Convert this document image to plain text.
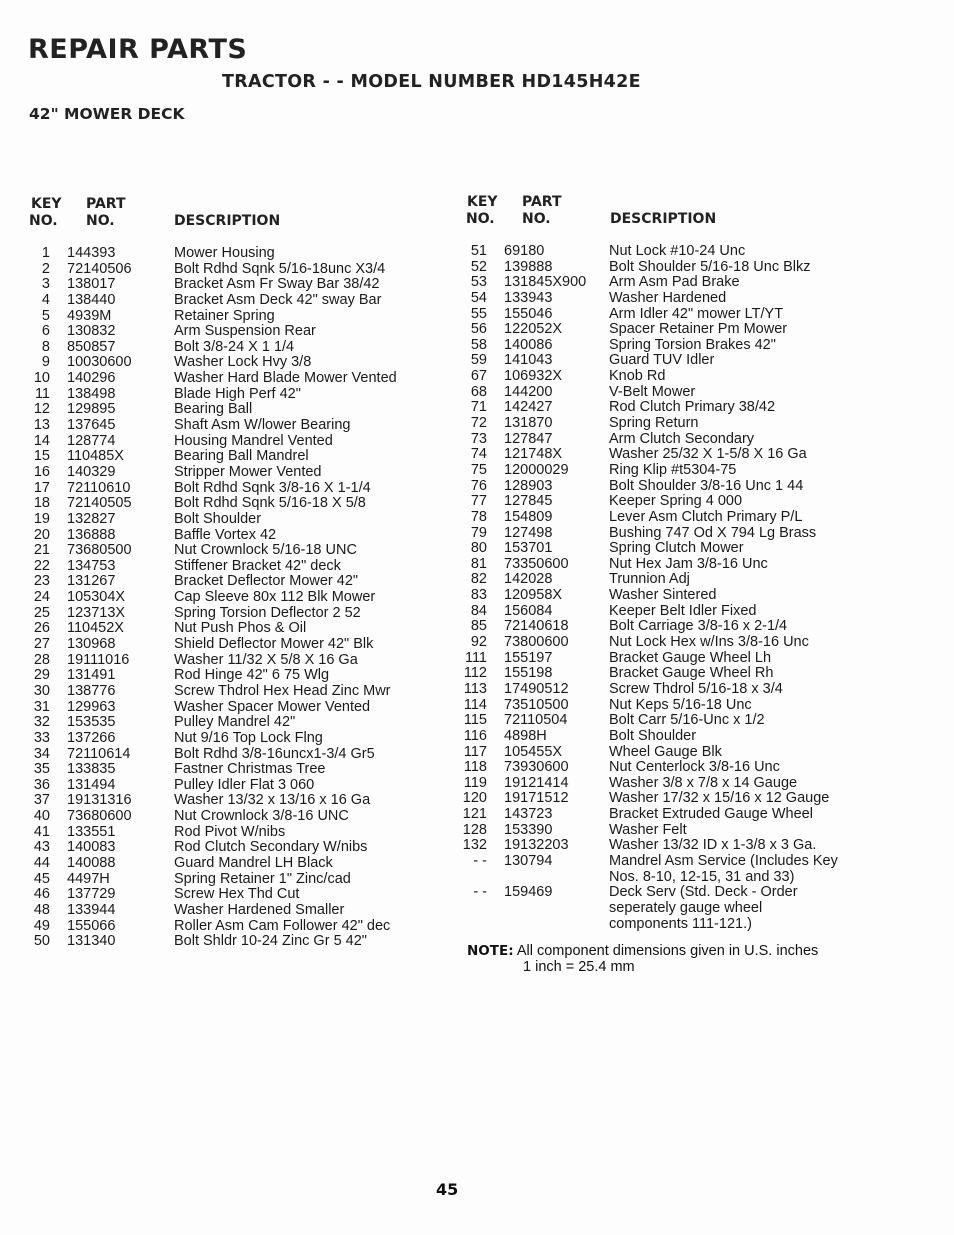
REPAIR PARTS
TRACTOR - - MODEL NUMBER HD145H42E
42" MOWER DECK
KEY
NO.
PART
NO.	DESCRIPTION
KEY
NO.
PART
NO.	DESCRIPTION
1 144393	Mower Housing
2 72140506	Bolt Rdhd Sqnk 5/16-18unc X3/4
3 138017	Bracket Asm Fr Sway Bar 38/42
4 138440	Bracket Asm Deck 42" sway Bar
5 4939M	Retainer Spring
6 130832	Arm Suspension Rear
8 850857	Bolt 3/8-24 X 1 1/4
9 10030600	Washer Lock Hvy 3/8
10 140296	Washer Hard Blade Mower Vented
11 138498	Blade High Perf 42"
12 129895	Bearing Ball
13 137645	Shaft Asm W/lower Bearing
14 128774	Housing Mandrel Vented
15 110485X	Bearing Ball Mandrel
16 140329	Stripper Mower Vented
17 72110610	Bolt Rdhd Sqnk 3/8-16 X 1-1/4
18 72140505	Bolt Rdhd Sqnk 5/16-18 X 5/8
19 132827	Bolt Shoulder
20 136888	Baffle Vortex 42
21 73680500	Nut Crownlock 5/16-18 UNC
22 134753	Stiffener Bracket 42" deck
23 131267	Bracket Deflector Mower 42"
24 105304X	Cap Sleeve 80x 112 Blk Mower
25 123713X	Spring Torsion Deflector 2 52
26 110452X	Nut Push Phos & Oil
27 130968	Shield Deflector Mower 42" Blk
28 19111016	Washer 11/32 X 5/8 X 16 Ga
29 131491	Rod Hinge 42" 6 75 Wlg
30 138776	Screw Thdrol Hex Head Zinc Mwr
31 129963	Washer Spacer Mower Vented
32 153535	Pulley Mandrel 42"
33 137266	Nut 9/16 Top Lock Flng
34 72110614	Bolt Rdhd 3/8-16uncx1-3/4 Gr5
35 133835	Fastner Christmas Tree
36 131494	Pulley Idler Flat 3 060
37 19131316	Washer 13/32 x 13/16 x 16 Ga
40 73680600	Nut Crownlock 3/8-16 UNC
41 133551	Rod Pivot W/nibs
43 140083	Rod Clutch Secondary W/nibs
44 140088	Guard Mandrel LH Black
45 4497H	Spring Retainer 1" Zinc/cad
46 137729	Screw Hex Thd Cut
48 133944	Washer Hardened Smaller
49 155066	Roller Asm Cam Follower 42" dec
50 131340	Bolt Shldr 10-24 Zinc Gr 5 42"
51 69180	Nut Lock #10-24 Unc
52 139888	Bolt Shoulder 5/16-18 Unc Blkz
53 131845X900 Arm Asm Pad Brake
54 133943	Washer Hardened
55 155046	Arm Idler 42" mower LT/YT
56 122052X	Spacer Retainer Pm Mower
58 140086	Spring Torsion Brakes 42"
59 141043	Guard TUV Idler
67 106932X	Knob Rd
68 144200	V-Belt Mower
71 142427	Rod Clutch Primary 38/42
72 131870	Spring Return
73 127847	Arm Clutch Secondary
74 121748X	Washer 25/32 X 1-5/8 X 16 Ga
75 12000029	Ring Klip #t5304-75
76 128903	Bolt Shoulder 3/8-16 Unc 1 44
77 127845	Keeper Spring 4 000
78 154809	Lever Asm Clutch Primary P/L
79 127498	Bushing 747 Od X 794 Lg Brass
80 153701	Spring Clutch Mower
81 73350600	Nut Hex Jam 3/8-16 Unc
82 142028	Trunnion Adj
83 120958X	Washer Sintered
84 156084	Keeper Belt Idler Fixed
85 72140618	Bolt Carriage 3/8-16 x 2-1/4
92 73800600	Nut Lock Hex w/Ins 3/8-16 Unc
111 155197	Bracket Gauge Wheel Lh
112 155198	Bracket Gauge Wheel Rh
113 17490512	Screw Thdrol 5/16-18 x 3/4
114 73510500	Nut Keps 5/16-18 Unc
115 72110504	Bolt Carr 5/16-Unc x 1/2
116 4898H	Bolt Shoulder
117 105455X	Wheel Gauge Blk
118 73930600	Nut Centerlock 3/8-16 Unc
119 19121414	Washer 3/8 x 7/8 x 14 Gauge
120 19171512	Washer 17/32 x 15/16 x 12 Gauge
121 143723	Bracket Extruded Gauge Wheel
128 153390	Washer Felt
132 19132203	Washer 13/32 ID x 1-3/8 x 3 Ga.
- - 130794	Mandrel Asm Service (Includes Key
Nos. 8-10, 12-15, 31 and 33)
- - 159469	Deck Serv (Std. Deck - Order
seperately gauge wheel
components 111-121.)
NOTE: All component dimensions given in U.S. inches
1 inch = 25.4 mm
45
